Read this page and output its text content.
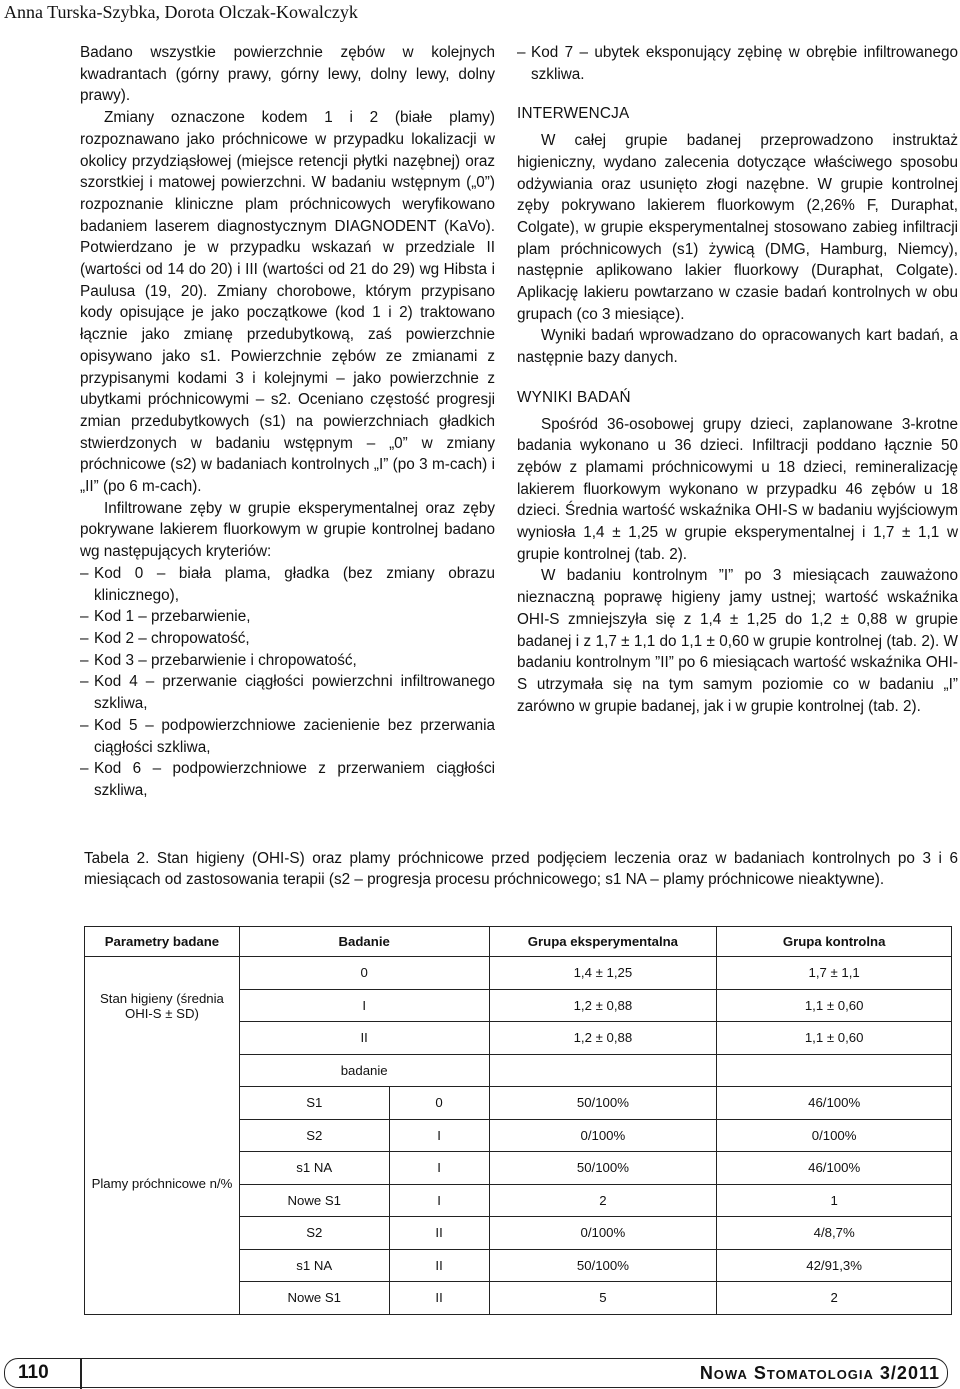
Anna Turska-Szybka, Dorota Olczak-Kowalczyk

Badano wszystkie powierzchnie zębów w kolejnych kwadrantach (górny prawy, górny lewy, dolny lewy, dolny prawy).

Zmiany oznaczone kodem 1 i 2 (białe plamy) rozpoznawano jako próchnicowe w przypadku lokalizacji w okolicy przydziąsłowej (miejsce retencji płytki nazębnej) oraz szorstkiej i matowej powierzchni. W badaniu wstępnym („0”) rozpoznanie kliniczne plam próchnicowych weryfikowano badaniem laserem diagnostycznym DIAGNODENT (KaVo). Potwierdzano je w przypadku wskazań w przedziale II (wartości od 14 do 20) i III (wartości od 21 do 29) wg Hibsta i Paulusa (19, 20). Zmiany chorobowe, którym przypisano kody opisujące je jako początkowe (kod 1 i 2) traktowano łącznie jako zmianę przedubytkową, zaś powierzchnie opisywano jako s1. Powierzchnie zębów ze zmianami z przypisanymi kodami 3 i kolejnymi – jako powierzchnie z ubytkami próchnicowymi – s2. Oceniano częstość progresji zmian przedubytkowych (s1) na powierzchniach gładkich stwierdzonych w badaniu wstępnym – „0” w zmiany próchnicowe (s2) w badaniach kontrolnych „I” (po 3 m-cach) i „II” (po 6 m-cach).

Infiltrowane zęby w grupie eksperymentalnej oraz zęby pokrywane lakierem fluorkowym w grupie kontrolnej badano wg następujących kryteriów:

– Kod 0 – biała plama, gładka (bez zmiany obrazu klinicznego),
– Kod 1 – przebarwienie,
– Kod 2 – chropowatość,
– Kod 3 – przebarwienie i chropowatość,
– Kod 4 – przerwanie ciągłości powierzchni infiltrowanego szkliwa,
– Kod 5 – podpowierzchniowe zacienienie bez przerwania ciągłości szkliwa,
– Kod 6 – podpowierzchniowe z przerwaniem ciągłości szkliwa,
– Kod 7 – ubytek eksponujący zębinę w obrębie infiltrowanego szkliwa.
INTERWENCJA

W całej grupie badanej przeprowadzono instruktaż higieniczny, wydano zalecenia dotyczące właściwego sposobu odżywiania oraz usunięto złogi nazębne. W grupie kontrolnej zęby pokrywano lakierem fluorkowym (2,26% F, Duraphat, Colgate), w grupie eksperymentalnej stosowano zabieg infiltracji plam próchnicowych (s1) żywicą (DMG, Hamburg, Niemcy), następnie aplikowano lakier fluorkowy (Duraphat, Colgate). Aplikację lakieru powtarzano w czasie badań kontrolnych w obu grupach (co 3 miesiące).

Wyniki badań wprowadzano do opracowanych kart badań, a następnie bazy danych.

WYNIKI BADAŃ

Spośród 36-osobowej grupy dzieci, zaplanowane 3-krotne badania wykonano u 36 dzieci. Infiltracji poddano łącznie 50 zębów z plamami próchnicowymi u 18 dzieci, remineralizację lakierem fluorkowym wykonano w przypadku 46 zębów u 18 dzieci. Średnia wartość wskaźnika OHI-S w badaniu wyjściowym wyniosła 1,4 ± 1,25 w grupie eksperymentalnej i 1,7 ± 1,1 w grupie kontrolnej (tab. 2).

W badaniu kontrolnym ”I” po 3 miesiącach zauważono nieznaczną poprawę higieny jamy ustnej; wartość wskaźnika OHI-S zmniejszyła się z 1,4 ± 1,25 do 1,2 ± 0,88 w grupie badanej i z 1,7 ± 1,1 do 1,1 ± 0,60 w grupie kontrolnej (tab. 2). W badaniu kontrolnym ”II” po 6 miesiącach wartość wskaźnika OHI-S utrzymała się na tym samym poziomie co w badaniu „I” zarówno w grupie badanej, jak i w grupie kontrolnej (tab. 2).

Tabela 2. Stan higieny (OHI-S) oraz plamy próchnicowe przed podjęciem leczenia oraz w badaniach kontrolnych po 3 i 6 miesiącach od zastosowania terapii (s2 – progresja procesu próchnicowego; s1 NA – plamy próchnicowe nieaktywne).
Parametry badane	Badanie		Grupa eksperymentalna	Grupa kontrolna
Stan higieny (średnia OHI-S ± SD)	0		1,4 ± 1,25	1,7 ± 1,1
	I		1,2 ± 0,88	1,1 ± 0,60
	II		1,2 ± 0,88	1,1 ± 0,60
Plamy próchnicowe n/%	badanie			
	S1	0	50/100%	46/100%
	S2	I	0/100%	0/100%
	s1 NA	I	50/100%	46/100%
	Nowe S1	I	2	1
	S2	II	0/100%	4/8,7%
	s1 NA	II	50/100%	42/91,3%
	Nowe S1	II	5	2
110	Nowa Stomatologia 3/2011
